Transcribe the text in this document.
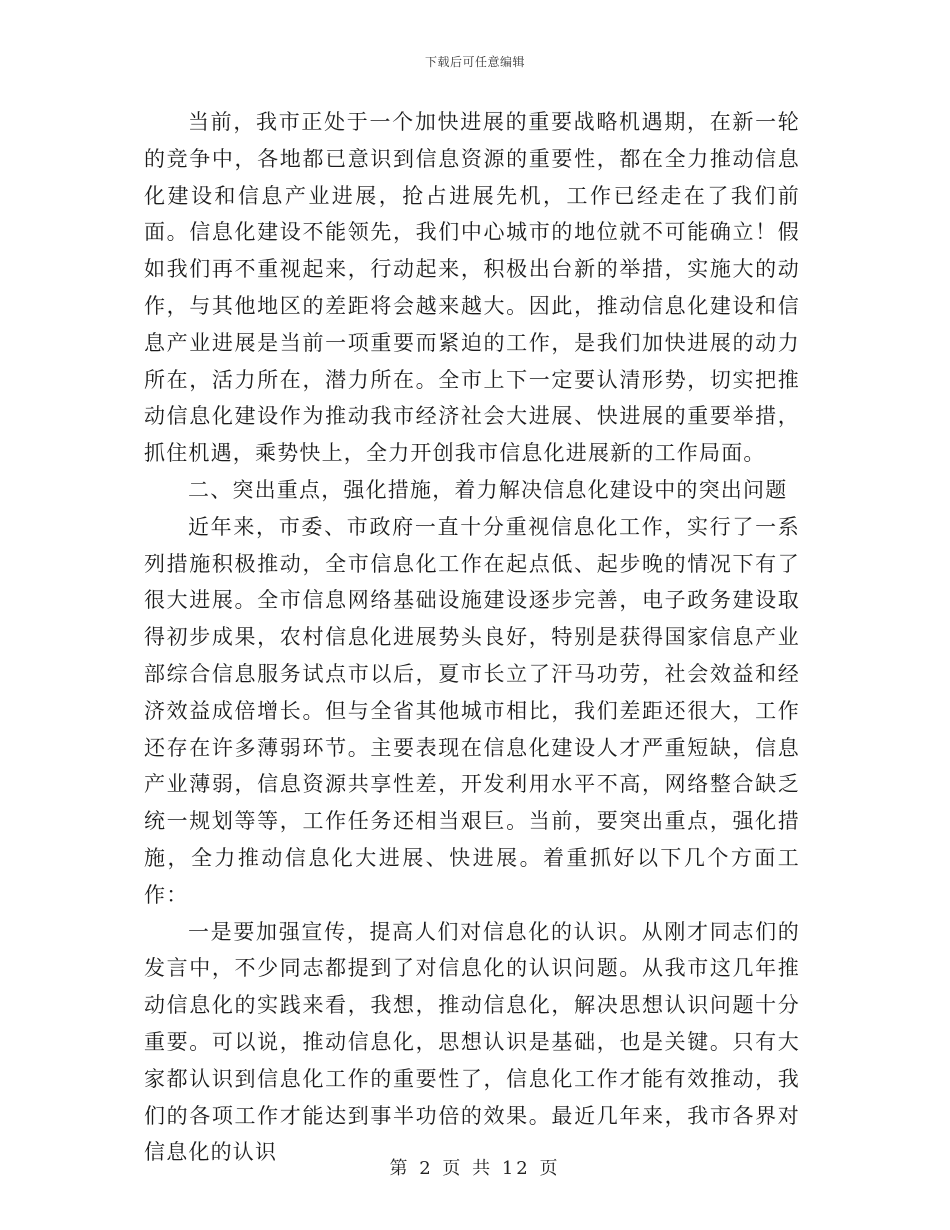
下载后可任意编辑

当前，我市正处于一个加快进展的重要战略机遇期，在新一轮的竞争中，各地都已意识到信息资源的重要性，都在全力推动信息化建设和信息产业进展，抢占进展先机，工作已经走在了我们前面。信息化建设不能领先，我们中心城市的地位就不可能确立！假如我们再不重视起来，行动起来，积极出台新的举措，实施大的动作，与其他地区的差距将会越来越大。因此，推动信息化建设和信息产业进展是当前一项重要而紧迫的工作，是我们加快进展的动力所在，活力所在，潜力所在。全市上下一定要认清形势，切实把推动信息化建设作为推动我市经济社会大进展、快进展的重要举措，抓住机遇，乘势快上，全力开创我市信息化进展新的工作局面。

二、突出重点，强化措施，着力解决信息化建设中的突出问题

近年来，市委、市政府一直十分重视信息化工作，实行了一系列措施积极推动，全市信息化工作在起点低、起步晚的情况下有了很大进展。全市信息网络基础设施建设逐步完善，电子政务建设取得初步成果，农村信息化进展势头良好，特别是获得国家信息产业部综合信息服务试点市以后，夏市长立了汗马功劳，社会效益和经济效益成倍增长。但与全省其他城市相比，我们差距还很大，工作还存在许多薄弱环节。主要表现在信息化建设人才严重短缺，信息产业薄弱，信息资源共享性差，开发利用水平不高，网络整合缺乏统一规划等等，工作任务还相当艰巨。当前，要突出重点，强化措施，全力推动信息化大进展、快进展。着重抓好以下几个方面工作：

一是要加强宣传，提高人们对信息化的认识。从刚才同志们的发言中，不少同志都提到了对信息化的认识问题。从我市这几年推动信息化的实践来看，我想，推动信息化，解决思想认识问题十分重要。可以说，推动信息化，思想认识是基础，也是关键。只有大家都认识到信息化工作的重要性了，信息化工作才能有效推动，我们的各项工作才能达到事半功倍的效果。最近几年来，我市各界对信息化的认识

第 2 页 共 12 页
